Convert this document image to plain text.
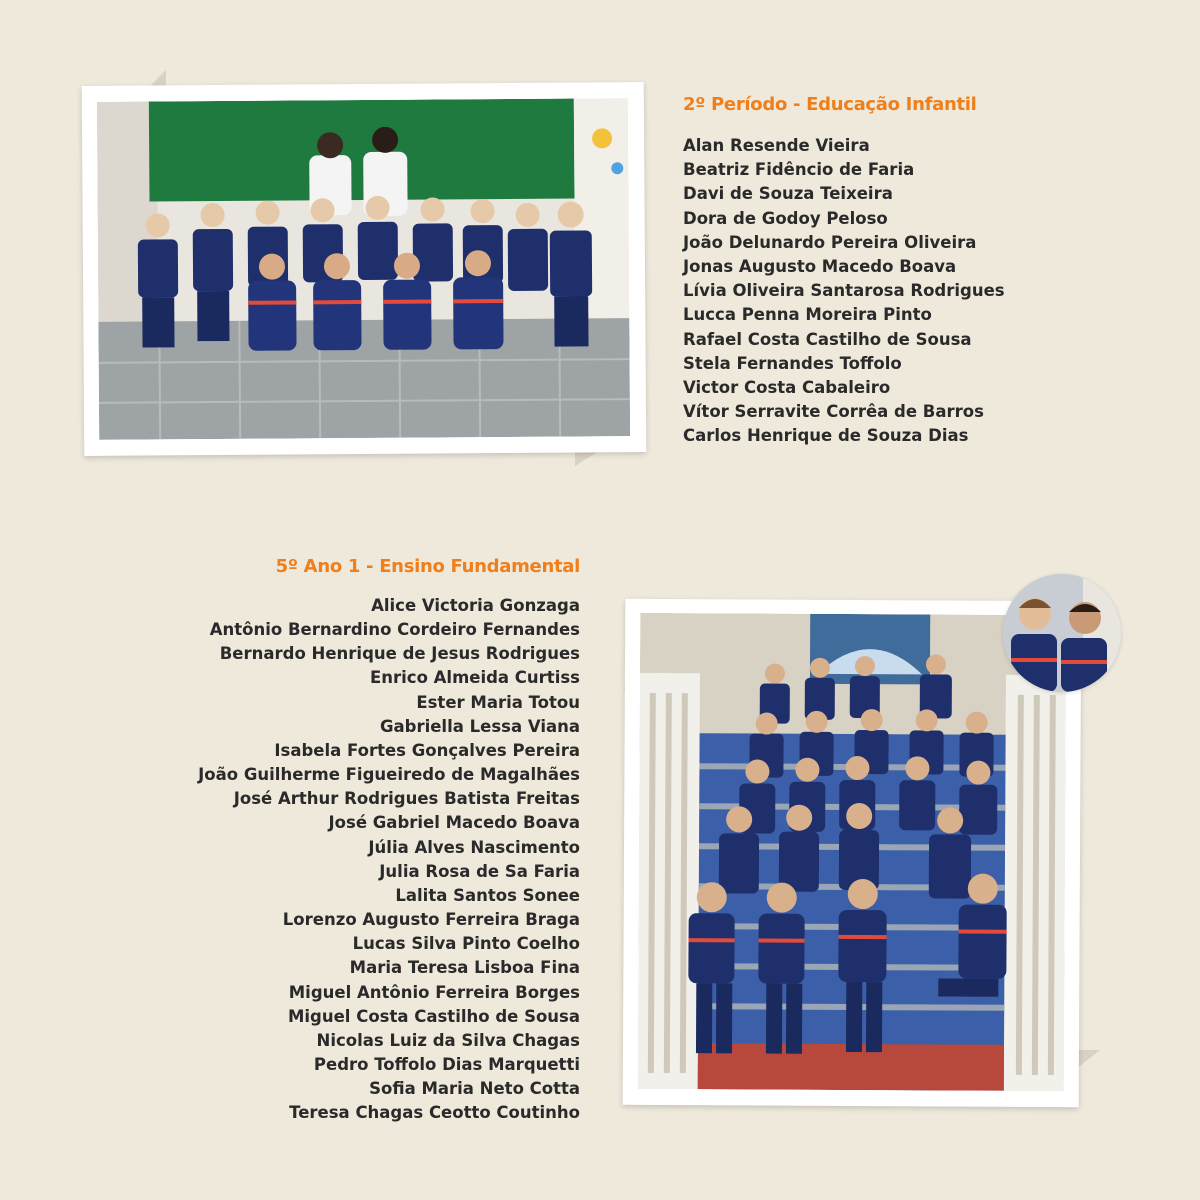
2º Período - Educação Infantil
Alan Resende Vieira
Beatriz Fidêncio de Faria
Davi de Souza Teixeira
Dora de Godoy Peloso
João Delunardo Pereira Oliveira
Jonas Augusto Macedo Boava
Lívia Oliveira Santarosa Rodrigues
Lucca Penna Moreira Pinto
Rafael Costa Castilho de Sousa
Stela Fernandes Toffolo
Victor Costa Cabaleiro
Vítor Serravite Corrêa de Barros
Carlos Henrique de Souza Dias
5º Ano 1 - Ensino Fundamental
Alice Victoria Gonzaga
Antônio Bernardino Cordeiro Fernandes
Bernardo Henrique de Jesus Rodrigues
Enrico Almeida Curtiss
Ester Maria Totou
Gabriella Lessa Viana
Isabela Fortes Gonçalves Pereira
João Guilherme Figueiredo de Magalhães
José Arthur Rodrigues Batista Freitas
José Gabriel Macedo Boava
Júlia Alves Nascimento
Julia Rosa de Sa Faria
Lalita Santos Sonee
Lorenzo Augusto Ferreira Braga
Lucas Silva Pinto Coelho
Maria Teresa Lisboa Fina
Miguel Antônio Ferreira Borges
Miguel Costa Castilho de Sousa
Nicolas Luiz da Silva Chagas
Pedro Toffolo Dias Marquetti
Sofia Maria Neto Cotta
Teresa Chagas Ceotto Coutinho
